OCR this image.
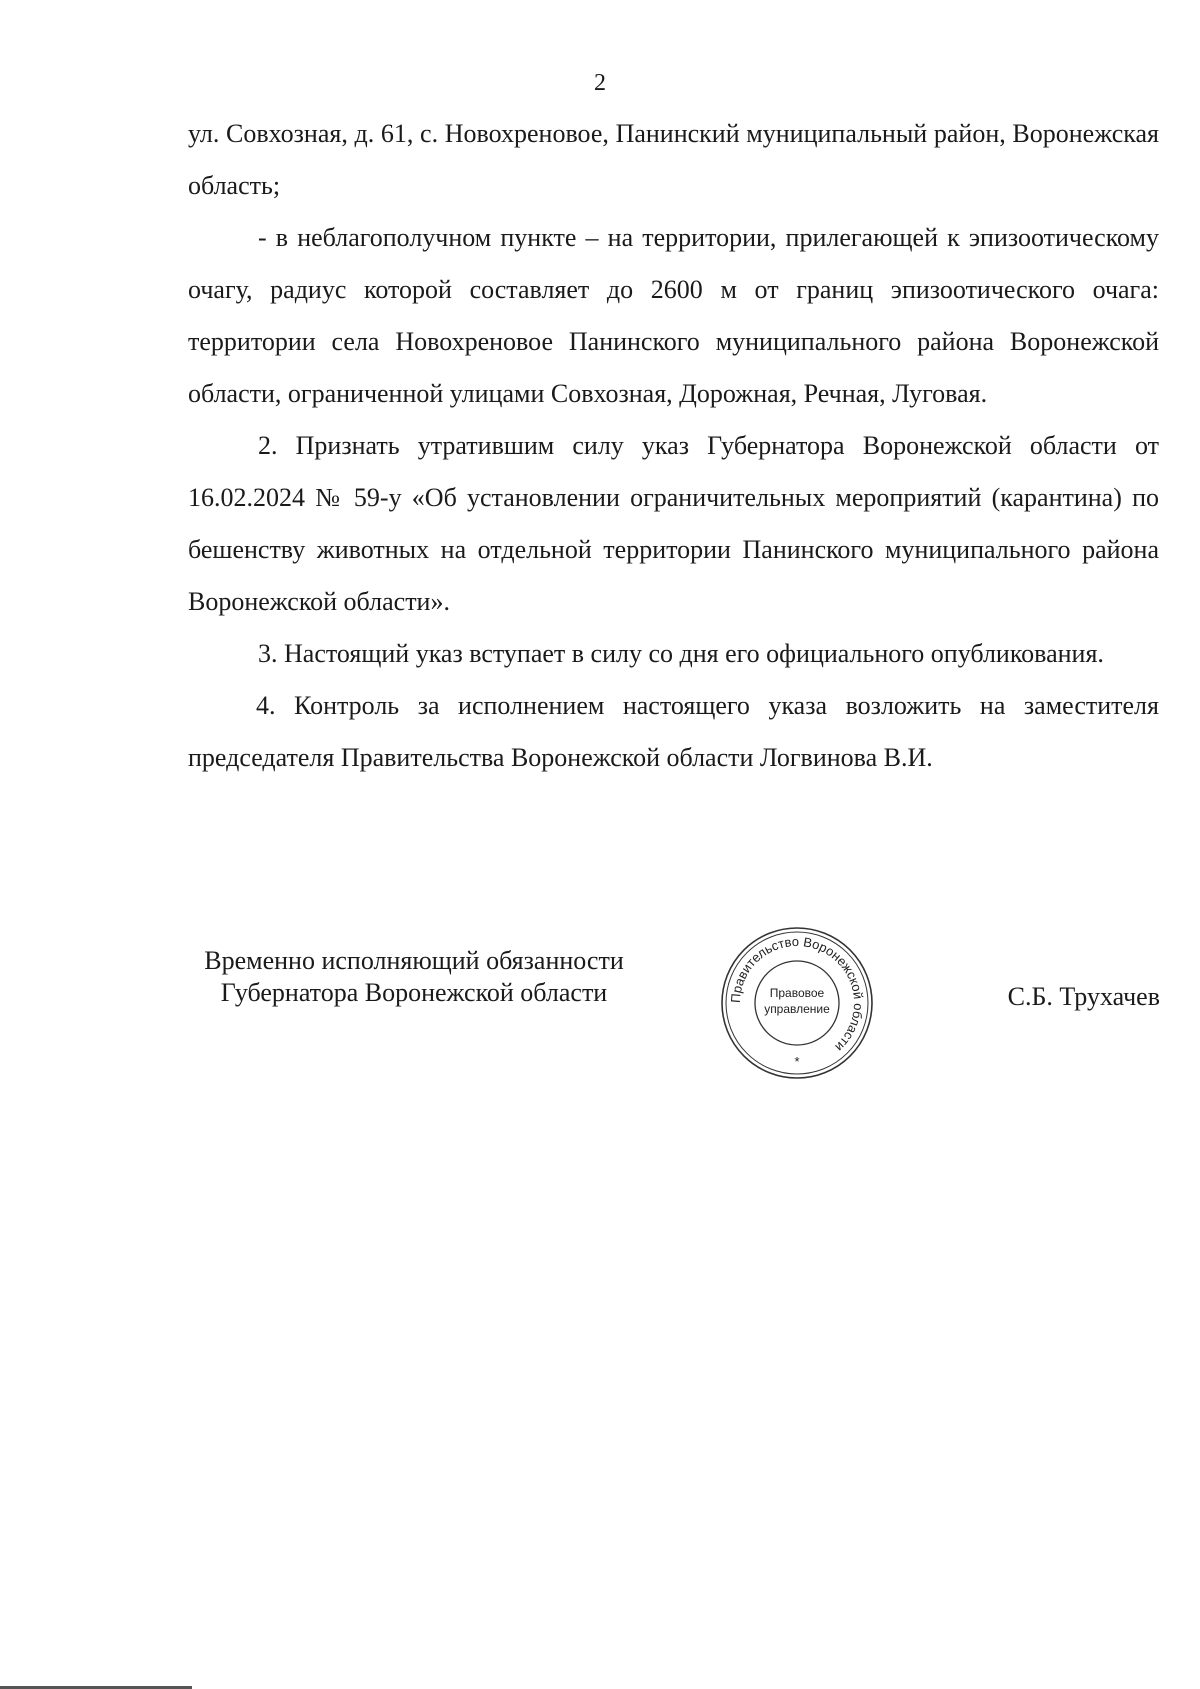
2

ул. Совхозная, д. 61, с. Новохреновое, Панинский муниципальный район, Воронежская область;

- в неблагополучном пункте – на территории, прилегающей к эпизоотическому очагу, радиус которой составляет до 2600 м от границ эпизоотического очага: территории села Новохреновое Панинского муниципального района Воронежской области, ограниченной улицами Совхозная, Дорожная, Речная, Луговая.

2. Признать утратившим силу указ Губернатора Воронежской области от 16.02.2024 № 59-у «Об установлении ограничительных мероприятий (карантина) по бешенству животных на отдельной территории Панинского муниципального района Воронежской области».

3. Настоящий указ вступает в силу со дня его официального опубликования.

4. Контроль за исполнением настоящего указа возложить на заместителя председателя Правительства Воронежской области Логвинова В.И.

Временно исполняющий обязанности
Губернатора Воронежской области	Правительство Воронежской области
Правовое
управление
*
С.Б. Трухачев
